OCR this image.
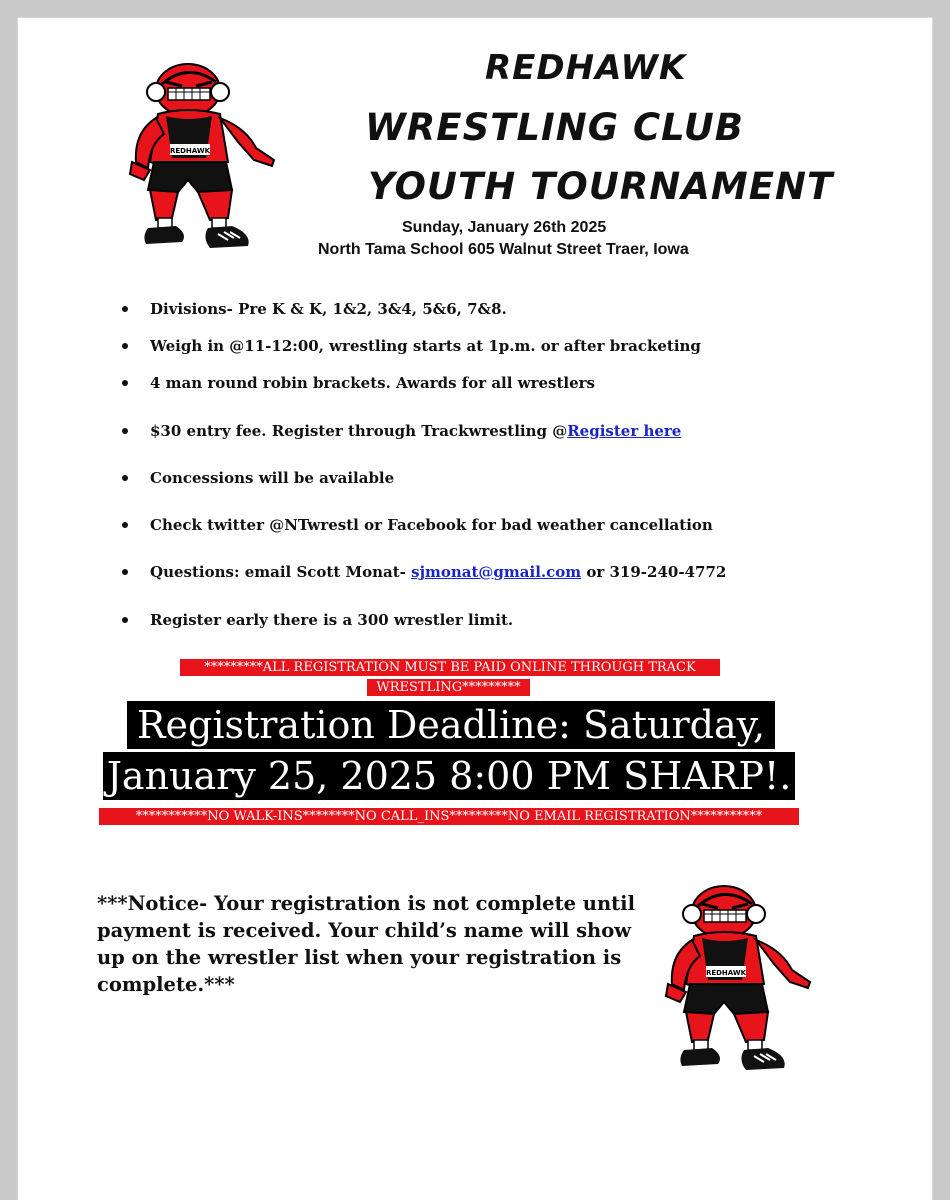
REDHAWK
REDHAWK
WRESTLING CLUB
YOUTH TOURNAMENT
Sunday, January 26th 2025
North Tama School 605 Walnut Street Traer, Iowa
Divisions- Pre K & K, 1&2, 3&4, 5&6, 7&8.
Weigh in @11-12:00, wrestling starts at 1p.m. or after bracketing
4 man round robin brackets. Awards for all wrestlers
$30 entry fee. Register through Trackwrestling @Register here
Concessions will be available
Check twitter @NTwrestl or Facebook for bad weather cancellation
Questions: email Scott Monat- sjmonat@gmail.com or 319-240-4772
Register early there is a 300 wrestler limit.
*********ALL REGISTRATION MUST BE PAID ONLINE THROUGH TRACK
WRESTLING*********
Registration Deadline: Saturday,
January 25, 2025 8:00 PM SHARP!.
***********NO WALK-INS********NO CALL_INS*********NO EMAIL REGISTRATION***********
***Notice- Your registration is not complete until payment is received. Your child’s name will show up on the wrestler list when your registration is complete.***	REDHAWK
